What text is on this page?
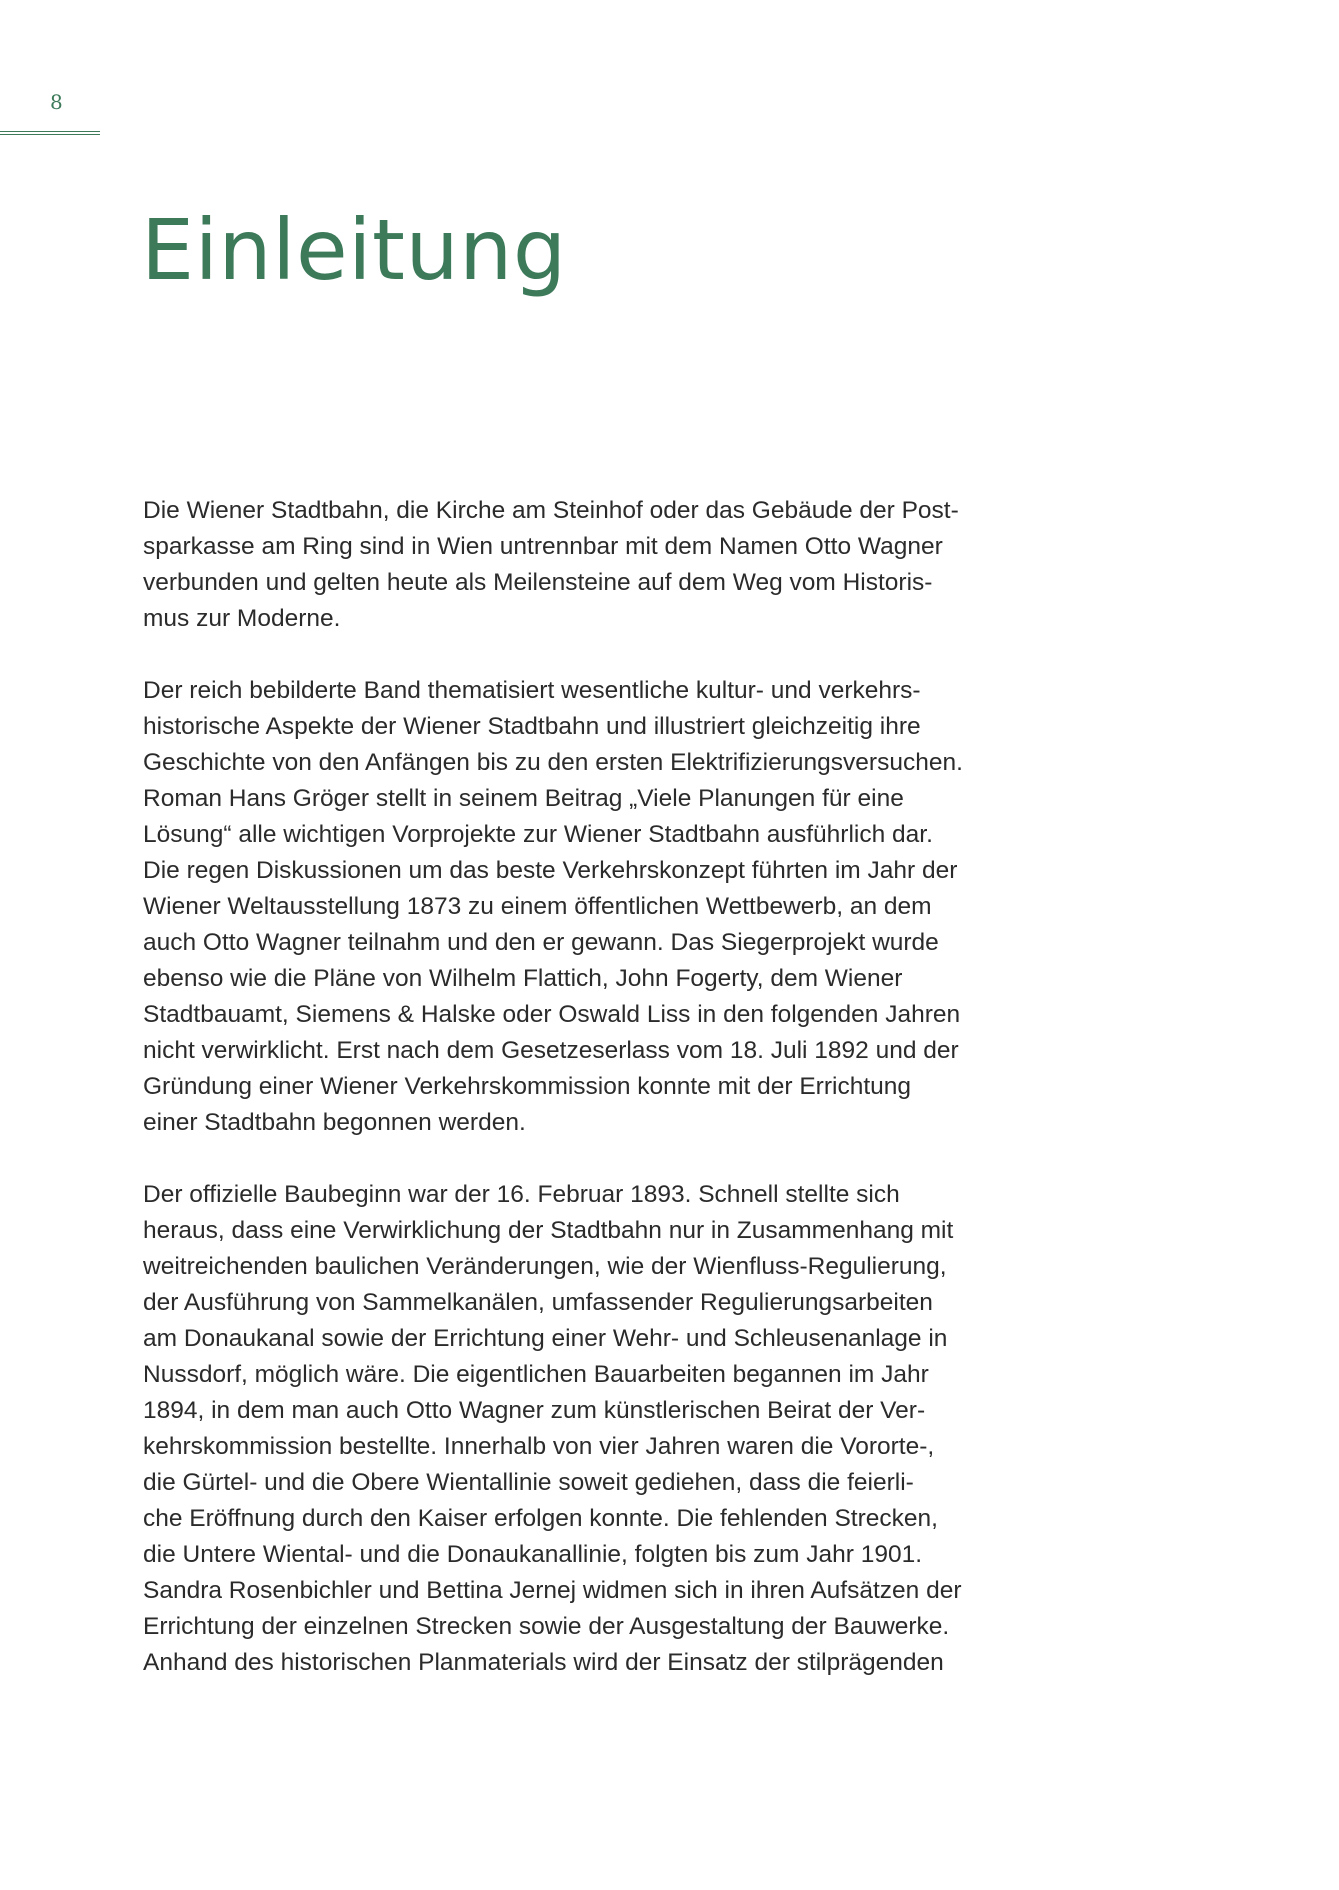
8
Einleitung

Die Wiener Stadtbahn, die Kirche am Steinhof oder das Gebäude der Post-
sparkasse am Ring sind in Wien untrennbar mit dem Namen Otto Wagner
verbunden und gelten heute als Meilensteine auf dem Weg vom Historis-
mus zur Moderne.

Der reich bebilderte Band thematisiert wesentliche kultur- und verkehrs-
historische Aspekte der Wiener Stadtbahn und illustriert gleichzeitig ihre
Geschichte von den Anfängen bis zu den ersten Elektrifizierungsversuchen.
Roman Hans Gröger stellt in seinem Beitrag „Viele Planungen für eine
Lösung“ alle wichtigen Vorprojekte zur Wiener Stadtbahn ausführlich dar.
Die regen Diskussionen um das beste Verkehrskonzept führten im Jahr der
Wiener Weltausstellung 1873 zu einem öffentlichen Wettbewerb, an dem
auch Otto Wagner teilnahm und den er gewann. Das Siegerprojekt wurde
ebenso wie die Pläne von Wilhelm Flattich, John Fogerty, dem Wiener
Stadtbauamt, Siemens & Halske oder Oswald Liss in den folgenden Jahren
nicht verwirklicht. Erst nach dem Gesetzeserlass vom 18. Juli 1892 und der
Gründung einer Wiener Verkehrskommission konnte mit der Errichtung
einer Stadtbahn begonnen werden.

Der offizielle Baubeginn war der 16. Februar 1893. Schnell stellte sich
heraus, dass eine Verwirklichung der Stadtbahn nur in Zusammenhang mit
weitreichenden baulichen Veränderungen, wie der Wienfluss-Regulierung,
der Ausführung von Sammelkanälen, umfassender Regulierungsarbeiten
am Donaukanal sowie der Errichtung einer Wehr- und Schleusenanlage in
Nussdorf, möglich wäre. Die eigentlichen Bauarbeiten begannen im Jahr
1894, in dem man auch Otto Wagner zum künstlerischen Beirat der Ver-
kehrskommission bestellte. Innerhalb von vier Jahren waren die Vororte-,
die Gürtel- und die Obere Wientallinie soweit gediehen, dass die feierli-
che Eröffnung durch den Kaiser erfolgen konnte. Die fehlenden Strecken,
die Untere Wiental- und die Donaukanallinie, folgten bis zum Jahr 1901.
Sandra Rosenbichler und Bettina Jernej widmen sich in ihren Aufsätzen der
Errichtung der einzelnen Strecken sowie der Ausgestaltung der Bauwerke.
Anhand des historischen Planmaterials wird der Einsatz der stilprägenden
